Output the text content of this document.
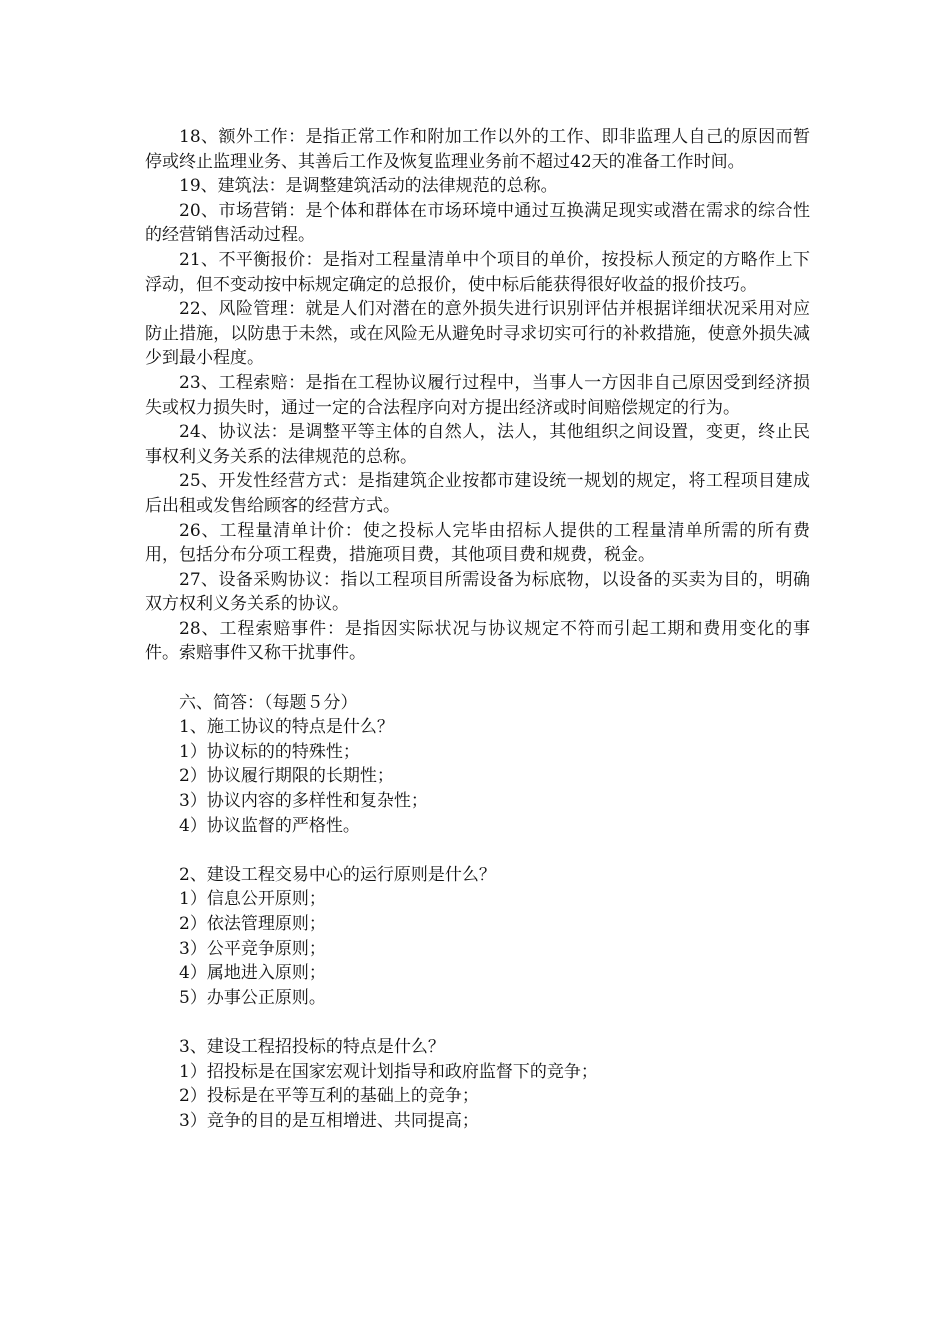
18、额外工作：是指正常工作和附加工作以外的工作、即非监理人自己的原因而暂停或终止监理业务、其善后工作及恢复监理业务前不超过42天的准备工作时间。

19、建筑法：是调整建筑活动的法律规范的总称。

20、市场营销：是个体和群体在市场环境中通过互换满足现实或潜在需求的综合性的经营销售活动过程。

21、不平衡报价：是指对工程量清单中个项目的单价，按投标人预定的方略作上下浮动，但不变动按中标规定确定的总报价，使中标后能获得很好收益的报价技巧。

22、风险管理：就是人们对潜在的意外损失进行识别评估并根据详细状况采用对应防止措施，以防患于未然，或在风险无从避免时寻求切实可行的补救措施，使意外损失减少到最小程度。

23、工程索赔：是指在工程协议履行过程中，当事人一方因非自己原因受到经济损失或权力损失时，通过一定的合法程序向对方提出经济或时间赔偿规定的行为。

24、协议法：是调整平等主体的自然人，法人，其他组织之间设置，变更，终止民事权利义务关系的法律规范的总称。

25、开发性经营方式：是指建筑企业按都市建设统一规划的规定，将工程项目建成后出租或发售给顾客的经营方式。

26、工程量清单计价：使之投标人完毕由招标人提供的工程量清单所需的所有费用，包括分布分项工程费，措施项目费，其他项目费和规费，税金。

27、设备采购协议：指以工程项目所需设备为标底物，以设备的买卖为目的，明确双方权利义务关系的协议。

28、工程索赔事件：是指因实际状况与协议规定不符而引起工期和费用变化的事件。索赔事件又称干扰事件。

六、简答：（每题５分）

1、施工协议的特点是什么？

1）协议标的的特殊性；

2）协议履行期限的长期性；

3）协议内容的多样性和复杂性；

4）协议监督的严格性。

2、建设工程交易中心的运行原则是什么？

1）信息公开原则；

2）依法管理原则；

3）公平竞争原则；

4）属地进入原则；

5）办事公正原则。

3、建设工程招投标的特点是什么？

1）招投标是在国家宏观计划指导和政府监督下的竞争；

2）投标是在平等互利的基础上的竞争；

3）竞争的目的是互相增进、共同提高；
